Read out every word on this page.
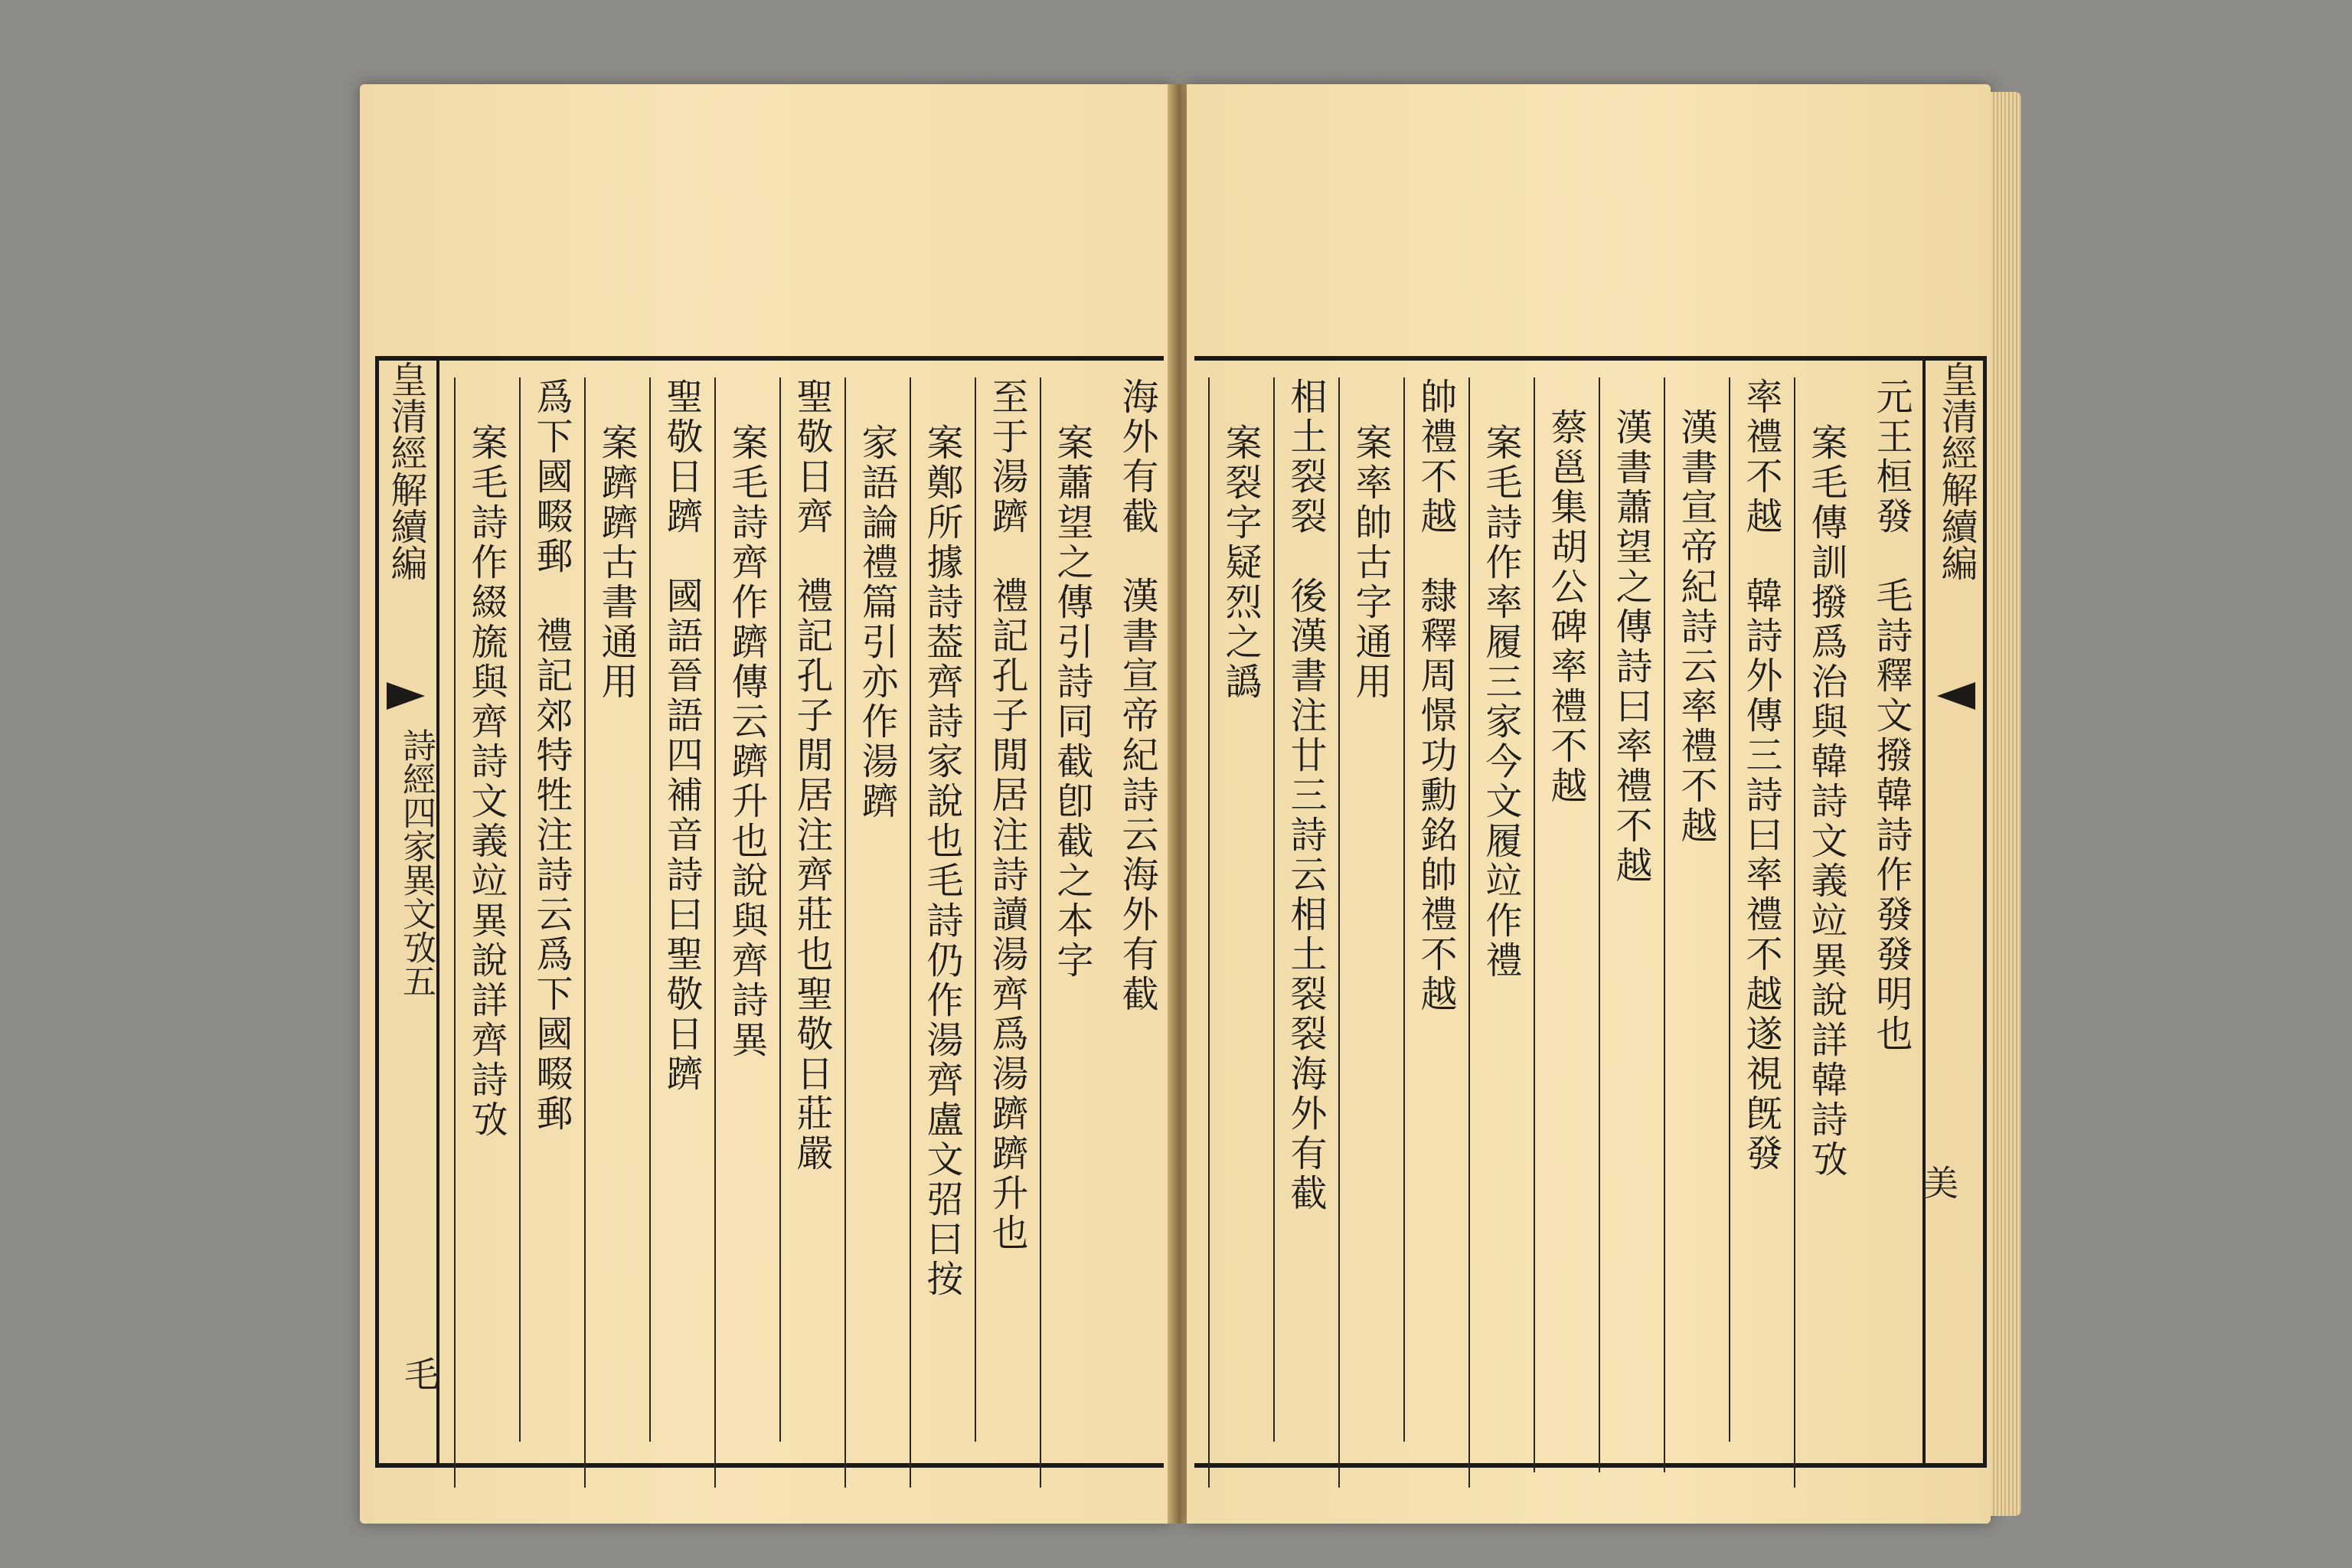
海外有截　漢書宣帝紀詩云海外有截
案蕭望之傳引詩同截卽截之本字
至于湯躋　禮記孔子閒居注詩讀湯齊爲湯躋躋升也
案鄭所據詩葢齊詩家說也毛詩仍作湯齊盧文弨曰按
家語論禮篇引亦作湯躋
聖敬日齊　禮記孔子閒居注齊莊也聖敬日莊嚴
案毛詩齊作躋傳云躋升也說與齊詩異
聖敬日躋　國語晉語四補音詩曰聖敬日躋
案躋躋古書通用
爲下國畷郵　禮記郊特牲注詩云爲下國畷郵
案毛詩作綴旒與齊詩文義竝異說詳齊詩攷
皇清經解續編
詩經四家異文攷五
毛
皇清經解續編
美
元王桓發　毛詩釋文撥韓詩作發發明也
案毛傳訓撥爲治與韓詩文義竝異說詳韓詩攷
率禮不越　韓詩外傳三詩曰率禮不越遂視旣發
漢書宣帝紀詩云率禮不越
漢書蕭望之傳詩曰率禮不越
蔡邕集胡公碑率禮不越
案毛詩作率履三家今文履竝作禮
帥禮不越　隸釋周憬功勳銘帥禮不越
案率帥古字通用
相土裂裂　後漢書注廿三詩云相土裂裂海外有截
案裂字疑烈之譌
